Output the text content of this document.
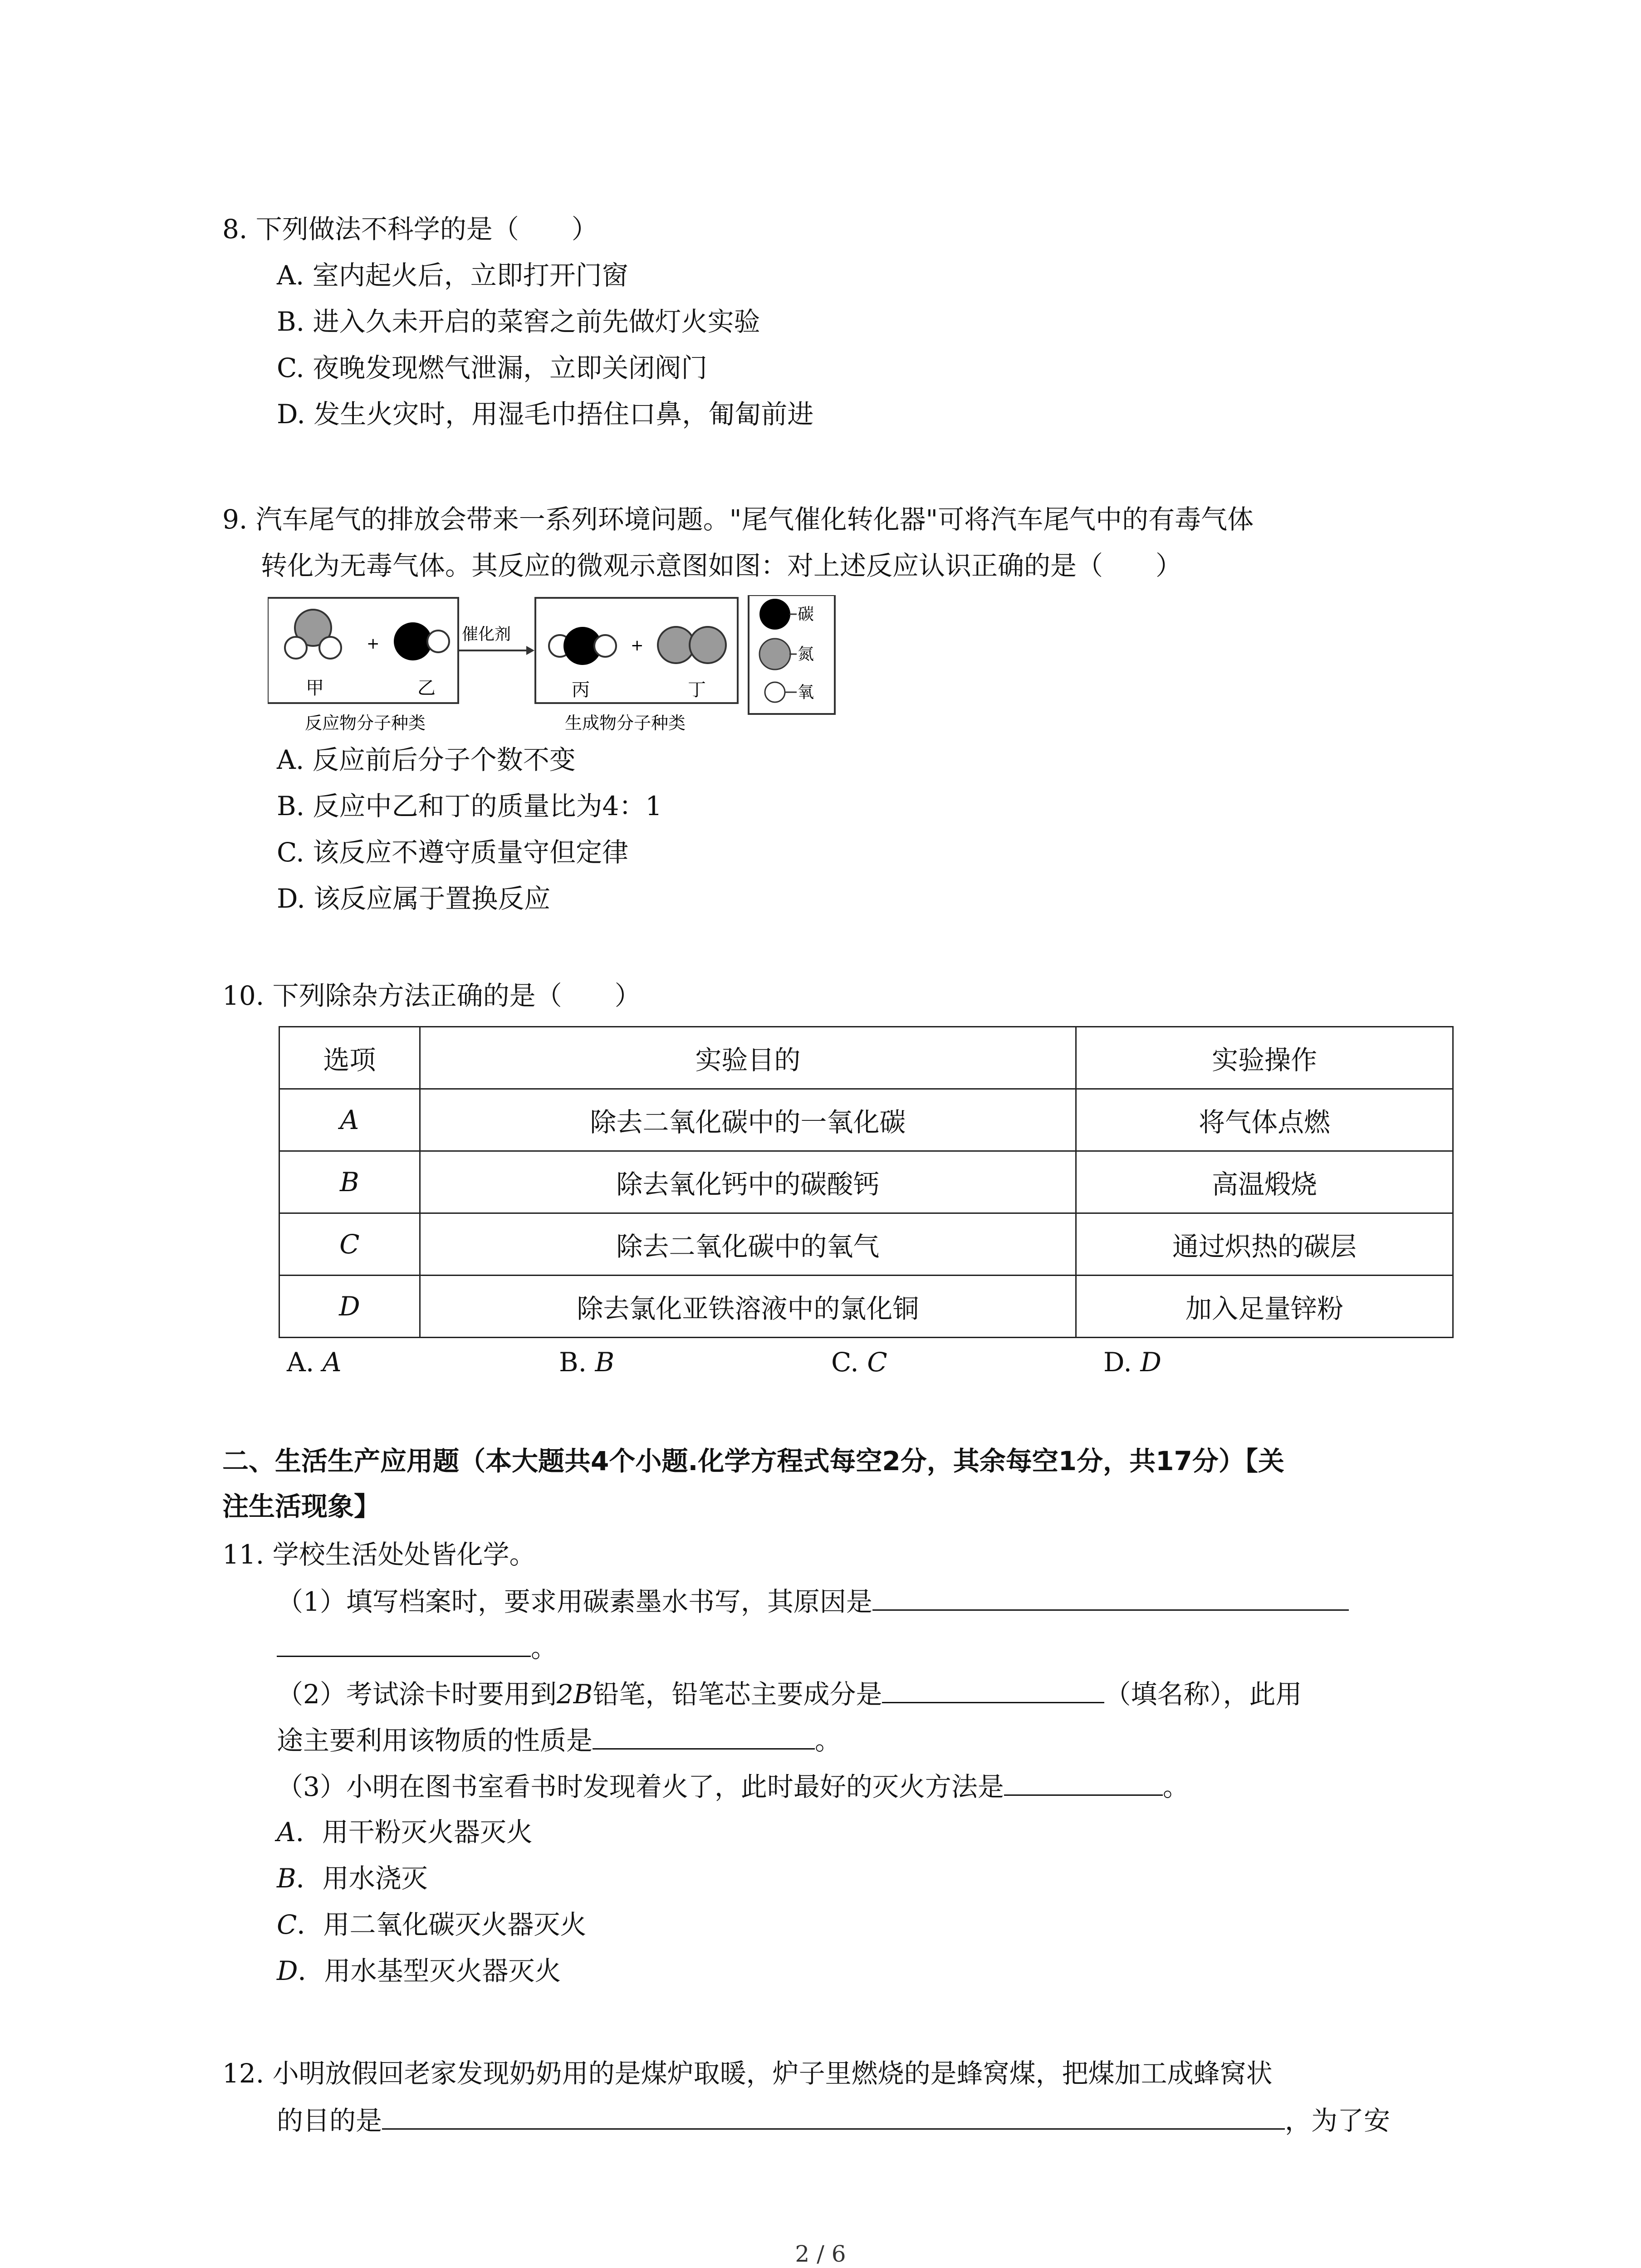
8. 下列做法不科学的是（　　）
A. 室内起火后，立即打开门窗
B. 进入久未开启的菜窖之前先做灯火实验
C. 夜晚发现燃气泄漏，立即关闭阀门
D. 发生火灾时，用湿毛巾捂住口鼻，匍匐前进
9. 汽车尾气的排放会带来一系列环境问题。"尾气催化转化器"可将汽车尾气中的有毒气体
转化为无毒气体。其反应的微观示意图如图：对上述反应认识正确的是（　　）
+
甲	乙
反应物分子种类
催化剂
+
丙	丁
生成物分子种类
碳
氮
氧
A. 反应前后分子个数不变
B. 反应中乙和丁的质量比为4：1
C. 该反应不遵守质量守但定律
D. 该反应属于置换反应
10. 下列除杂方法正确的是（　　）
选项	实验目的	实验操作
A	除去二氧化碳中的一氧化碳	将气体点燃
B	除去氧化钙中的碳酸钙	高温煅烧
C	除去二氧化碳中的氧气	通过炽热的碳层
D	除去氯化亚铁溶液中的氯化铜	加入足量锌粉
A. A	B. B	C. C	D. D
二、生活生产应用题（本大题共4个小题.化学方程式每空2分，其余每空1分，共17分）【关
注生活现象】
11. 学校生活处处皆化学。
（1）填写档案时，要求用碳素墨水书写，其原因是
。
（2）考试涂卡时要用到2B铅笔，铅笔芯主要成分是	（填名称），此用
途主要利用该物质的性质是	。
（3）小明在图书室看书时发现着火了，此时最好的灭火方法是	。
A．用干粉灭火器灭火
B．用水浇灭
C．用二氧化碳灭火器灭火
D．用水基型灭火器灭火
12. 小明放假回老家发现奶奶用的是煤炉取暖，炉子里燃烧的是蜂窝煤，把煤加工成蜂窝状
的目的是	，为了安
2 / 6
